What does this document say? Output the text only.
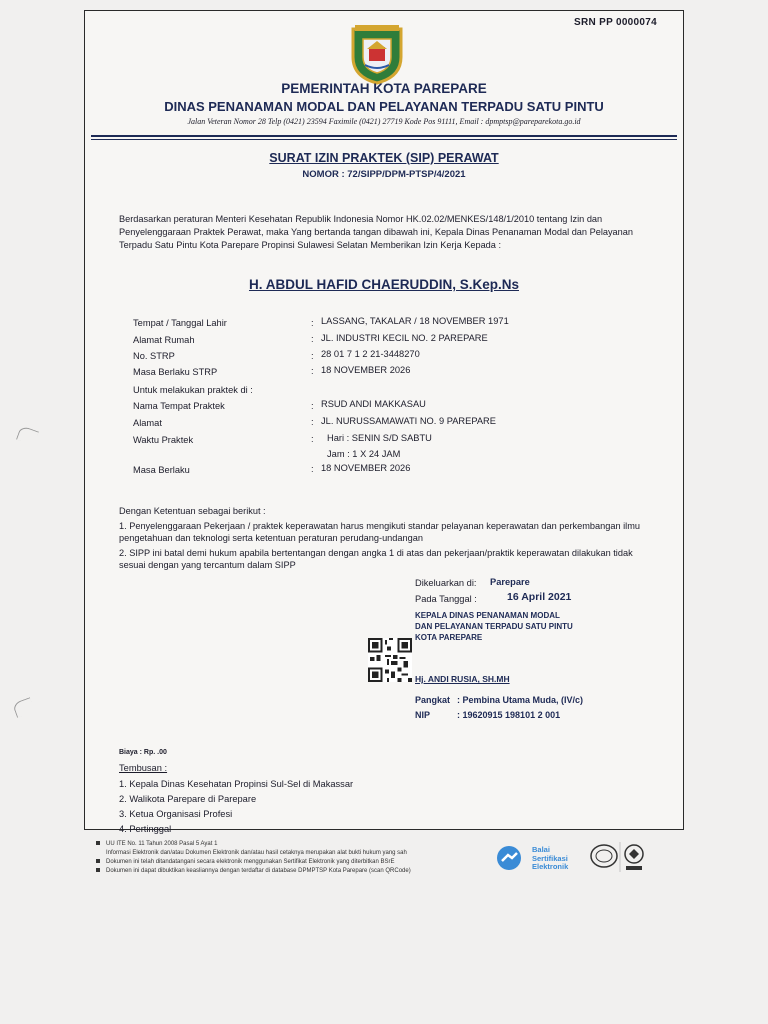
SRN PP 0000074
PEMERINTAH KOTA PAREPARE
DINAS PENANAMAN MODAL DAN PELAYANAN TERPADU SATU PINTU
Jalan Veteran Nomor 28 Telp (0421) 23594 Faximile (0421) 27719 Kode Pos 91111, Email : dpmptsp@pareparekota.go.id
SURAT IZIN PRAKTEK (SIP) PERAWAT
NOMOR : 72/SIPP/DPM-PTSP/4/2021
Berdasarkan peraturan Menteri Kesehatan Republik Indonesia Nomor HK.02.02/MENKES/148/1/2010 tentang Izin dan Penyelenggaraan Praktek Perawat, maka Yang bertanda tangan dibawah ini, Kepala Dinas Penanaman Modal dan Pelayanan Terpadu Satu Pintu Kota Parepare Propinsi Sulawesi Selatan Memberikan Izin Kerja Kepada :
H. ABDUL HAFID CHAERUDDIN, S.Kep.Ns
Tempat / Tanggal Lahir	: LASSANG, TAKALAR / 18 NOVEMBER 1971
Alamat Rumah	: JL. INDUSTRI KECIL NO. 2 PAREPARE
No. STRP	: 28 01 7 1 2 21-3448270
Masa Berlaku STRP	: 18 NOVEMBER 2026
Untuk melakukan praktek di :
Nama Tempat Praktek	: RSUD ANDI MAKKASAU
Alamat	: JL. NURUSSAMAWATI NO. 9 PAREPARE
Waktu Praktek	: Hari : SENIN S/D SABTU
Jam : 1 X 24 JAM
Masa Berlaku	: 18 NOVEMBER 2026
Dengan Ketentuan sebagai berikut :
1. Penyelenggaraan Pekerjaan / praktek keperawatan harus mengikuti standar pelayanan keperawatan dan perkembangan ilmu pengetahuan dan teknologi serta ketentuan peraturan perudang-undangan
2. SIPP ini batal demi hukum apabila bertentangan dengan angka 1 di atas dan pekerjaan/praktik keperawatan dilakukan tidak sesuai dengan yang tercantum dalam SIPP
Dikeluarkan di: Parepare
Pada Tanggal :	16 April 2021
KEPALA DINAS PENANAMAN MODAL
DAN PELAYANAN TERPADU SATU PINTU
KOTA PAREPARE
Hj. ANDI RUSIA, SH.MH
Pangkat : Pembina Utama Muda, (IV/c)
NIP	: 19620915 198101 2 001
Biaya : Rp. .00
Tembusan :
1. Kepala Dinas Kesehatan Propinsi Sul-Sel di Makassar
2. Walikota Parepare di Parepare
3. Ketua Organisasi Profesi
4. Pertinggal
UU ITE No. 11 Tahun 2008 Pasal 5 Ayat 1
Informasi Elektronik dan/atau Dokumen Elektronik dan/atau hasil cetaknya merupakan alat bukti hukum yang sah
Dokumen ini telah ditandatangani secara elektronik menggunakan Sertifikat Elektronik yang diterbitkan BSrE
Dokumen ini dapat dibuktikan keasliannya dengan terdaftar di database DPMPTSP Kota Parepare (scan QRCode)
Balai
Sertifikasi
Elektronik
